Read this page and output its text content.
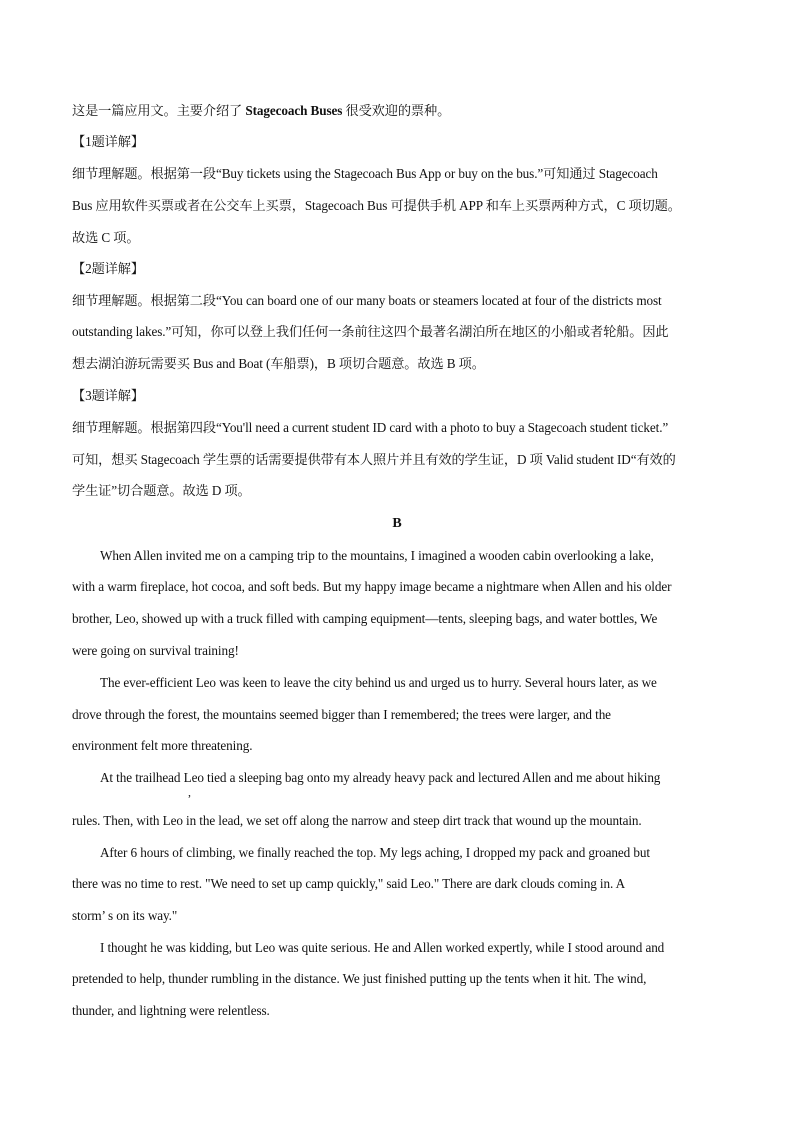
这是一篇应用文。主要介绍了 Stagecoach Buses 很受欢迎的票种。
【1题详解】
细节理解题。根据第一段“Buy tickets using the Stagecoach Bus App or buy on the bus.”可知通过 Stagecoach
Bus 应用软件买票或者在公交车上买票，Stagecoach Bus 可提供手机 APP 和车上买票两种方式，C 项切题。
故选 C 项。
【2题详解】
细节理解题。根据第二段“You can board one of our many boats or steamers located at four of the districts most
outstanding lakes.”可知，你可以登上我们任何一条前往这四个最著名湖泊所在地区的小船或者轮船。因此
想去湖泊游玩需要买 Bus and Boat (车船票)，B 项切合题意。故选 B 项。
【3题详解】
细节理解题。根据第四段“You'll need a current student ID card with a photo to buy a Stagecoach student ticket.”
可知，想买 Stagecoach 学生票的话需要提供带有本人照片并且有效的学生证，D 项 Valid student ID“有效的
学生证”切合题意。故选 D 项。
B
When Allen invited me on a camping trip to the mountains, I imagined a wooden cabin overlooking a lake,
with a warm fireplace, hot cocoa, and soft beds. But my happy image became a nightmare when Allen and his older
brother, Leo, showed up with a truck filled with camping equipment—tents, sleeping bags, and water bottles, We
were going on survival training!
The ever-efficient Leo was keen to leave the city behind us and urged us to hurry. Several hours later, as we
drove through the forest, the mountains seemed bigger than I remembered; the trees were larger, and the
environment felt more threatening.
At the trailhead Leo tied a sleeping bag onto my already heavy pack and lectured Allen and me about hiking
,
rules. Then, with Leo in the lead, we set off along the narrow and steep dirt track that wound up the mountain.
After 6 hours of climbing, we finally reached the top. My legs aching, I dropped my pack and groaned but
there was no time to rest. "We need to set up camp quickly," said Leo." There are dark clouds coming in. A
storm’ s on its way."
I thought he was kidding, but Leo was quite serious. He and Allen worked expertly, while I stood around and
pretended to help, thunder rumbling in the distance. We just finished putting up the tents when it hit. The wind,
thunder, and lightning were relentless.
